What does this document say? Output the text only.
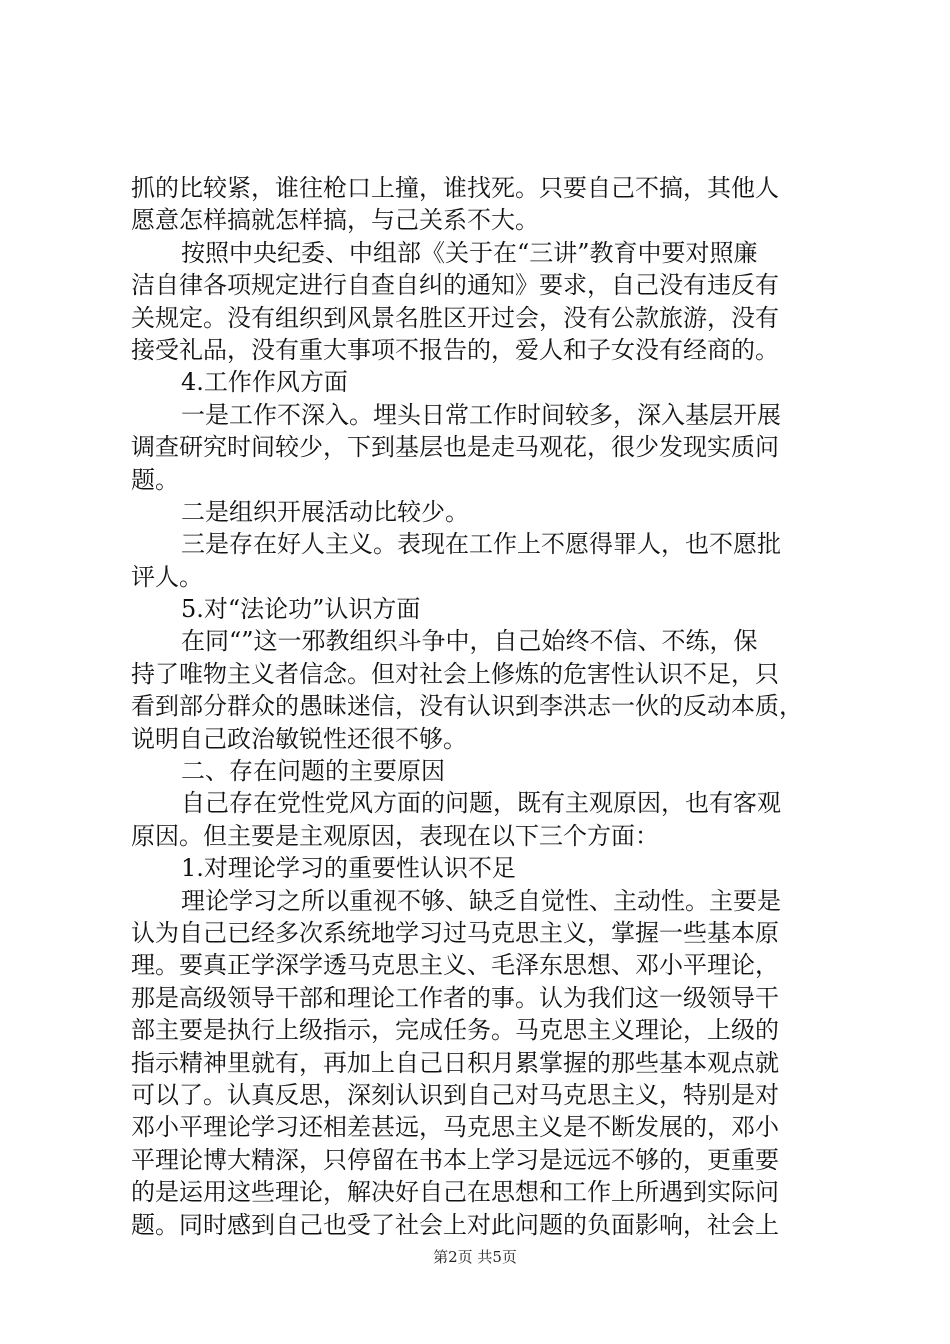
抓的比较紧，谁往枪口上撞，谁找死。只要自己不搞，其他人
愿意怎样搞就怎样搞，与己关系不大。
按照中央纪委、中组部《关于在“三讲”教育中要对照廉
洁自律各项规定进行自查自纠的通知》要求，自己没有违反有
关规定。没有组织到风景名胜区开过会，没有公款旅游，没有
接受礼品，没有重大事项不报告的，爱人和子女没有经商的。
4.工作作风方面
一是工作不深入。埋头日常工作时间较多，深入基层开展
调查研究时间较少，下到基层也是走马观花，很少发现实质问
题。
二是组织开展活动比较少。
三是存在好人主义。表现在工作上不愿得罪人，也不愿批
评人。
5.对“法论功”认识方面
在同“”这一邪教组织斗争中，自己始终不信、不练，保
持了唯物主义者信念。但对社会上修炼的危害性认识不足，只
看到部分群众的愚昧迷信，没有认识到李洪志一伙的反动本质，
说明自己政治敏锐性还很不够。
二、存在问题的主要原因
自己存在党性党风方面的问题，既有主观原因，也有客观
原因。但主要是主观原因，表现在以下三个方面：
1.对理论学习的重要性认识不足
理论学习之所以重视不够、缺乏自觉性、主动性。主要是
认为自己已经多次系统地学习过马克思主义，掌握一些基本原
理。要真正学深学透马克思主义、毛泽东思想、邓小平理论，
那是高级领导干部和理论工作者的事。认为我们这一级领导干
部主要是执行上级指示，完成任务。马克思主义理论，上级的
指示精神里就有，再加上自己日积月累掌握的那些基本观点就
可以了。认真反思，深刻认识到自己对马克思主义，特别是对
邓小平理论学习还相差甚远，马克思主义是不断发展的，邓小
平理论博大精深，只停留在书本上学习是远远不够的，更重要
的是运用这些理论，解决好自己在思想和工作上所遇到实际问
题。同时感到自己也受了社会上对此问题的负面影响，社会上
第2页 共5页
